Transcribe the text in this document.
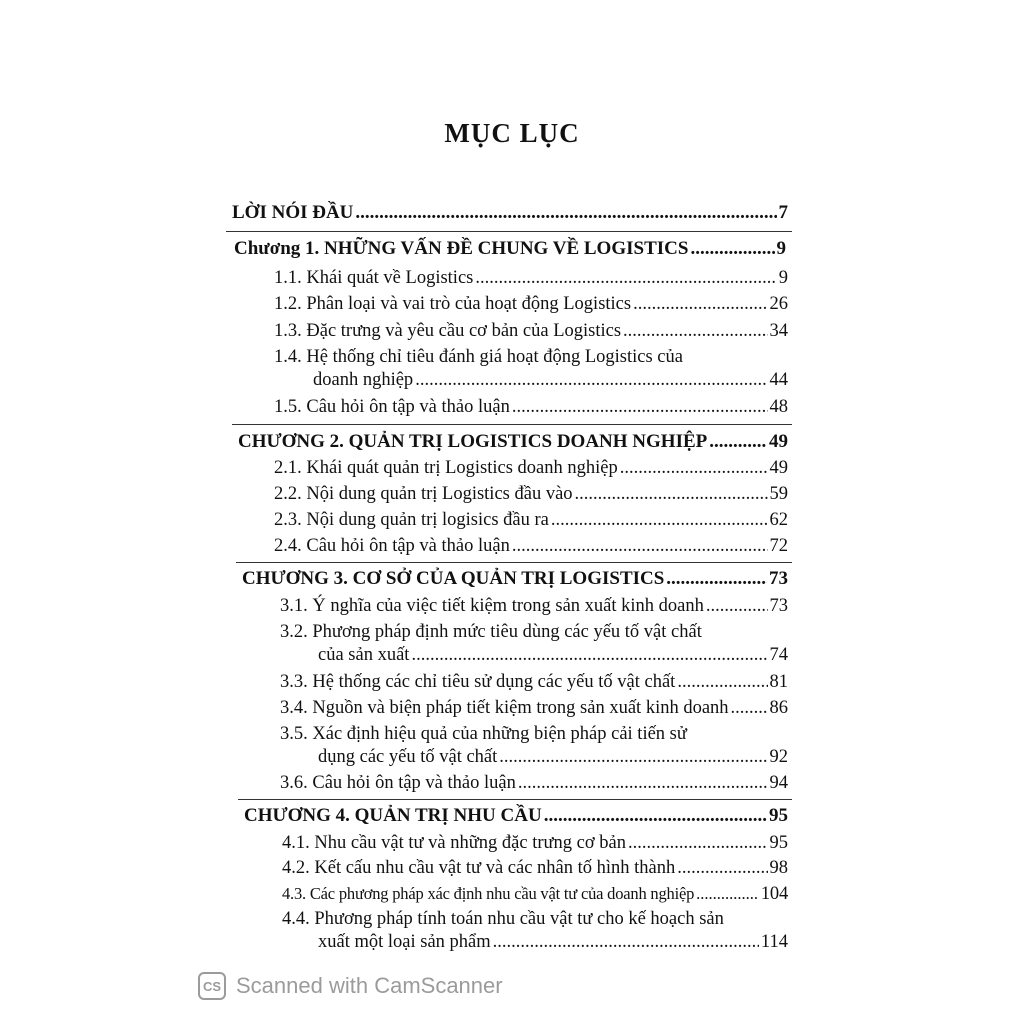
MỤC LỤC
LỜI NÓI ĐẦU .....	7
Chương 1. NHỮNG VẤN ĐỀ CHUNG VỀ LOGISTICS .....	9
1.1. Khái quát về Logistics .....	9
1.2. Phân loại và vai trò của hoạt động Logistics .....	26
1.3. Đặc trưng và yêu cầu cơ bản của Logistics .....	34
1.4. Hệ thống chỉ tiêu đánh giá hoạt động Logistics của
doanh nghiệp .....	44
1.5. Câu hỏi ôn tập và thảo luận .....	48
CHƯƠNG 2. QUẢN TRỊ LOGISTICS DOANH NGHIỆP .....	49
2.1. Khái quát quản trị Logistics doanh nghiệp .....	49
2.2. Nội dung quản trị Logistics đầu vào .....	59
2.3. Nội dung quản trị logisics đầu ra .....	62
2.4. Câu hỏi ôn tập và thảo luận .....	72
CHƯƠNG 3. CƠ SỞ CỦA QUẢN TRỊ LOGISTICS .....	73
3.1. Ý nghĩa của việc tiết kiệm trong sản xuất kinh doanh .....	73
3.2. Phương pháp định mức tiêu dùng các yếu tố vật chất
của sản xuất .....	74
3.3. Hệ thống các chỉ tiêu sử dụng các yếu tố vật chất .....	81
3.4. Nguồn và biện pháp tiết kiệm trong sản xuất kinh doanh ..... 86
3.5. Xác định hiệu quả của những biện pháp cải tiến sử
dụng các yếu tố vật chất .....	92
3.6. Câu hỏi ôn tập và thảo luận .....	94
CHƯƠNG 4. QUẢN TRỊ NHU CẦU .....	95
4.1. Nhu cầu vật tư và những đặc trưng cơ bản .....	95
4.2. Kết cấu nhu cầu vật tư và các nhân tố hình thành .....	98
4.3. Các phương pháp xác định nhu cầu vật tư của doanh nghiệp .....	104
4.4. Phương pháp tính toán nhu cầu vật tư cho kế hoạch sản
xuất một loại sản phẩm .....	114
CS Scanned with CamScanner
